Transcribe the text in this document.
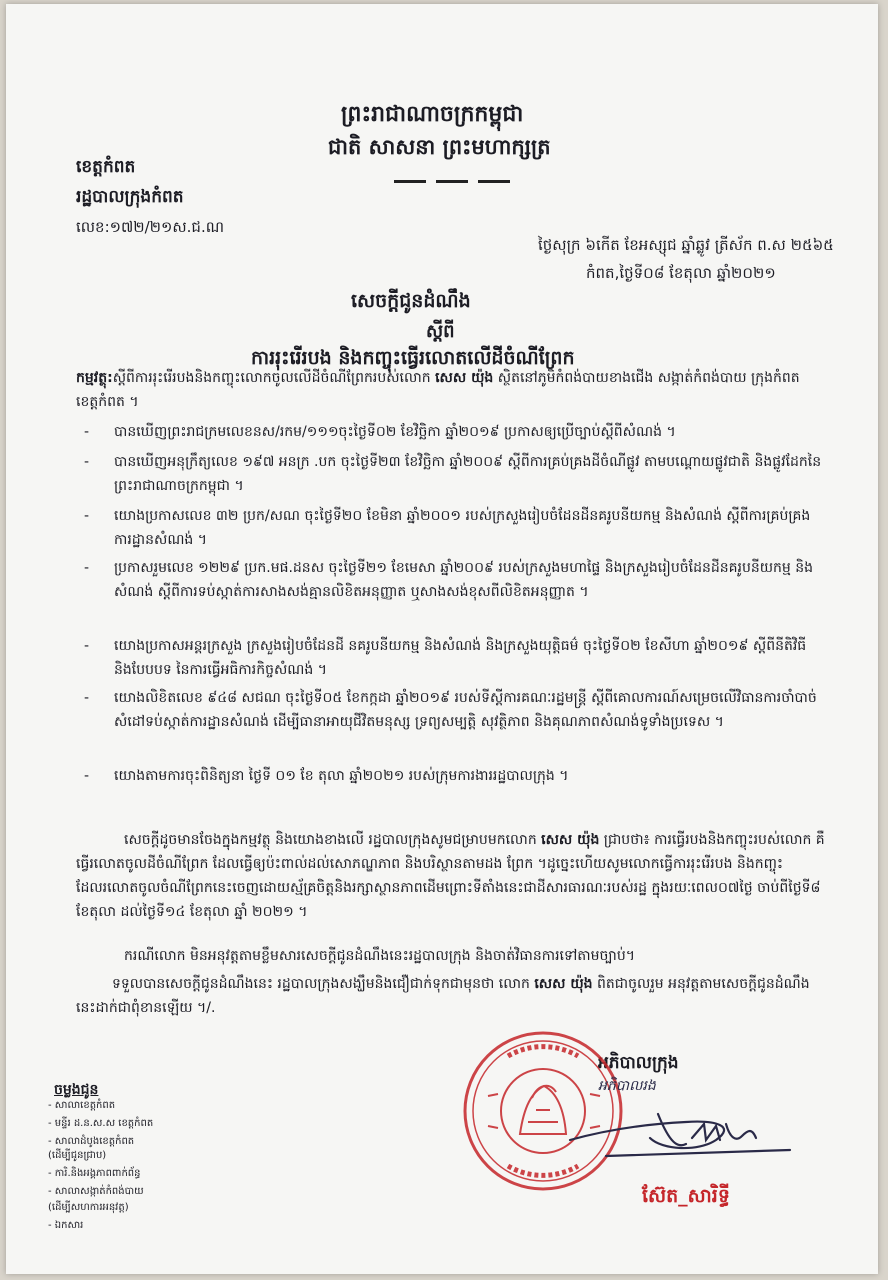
ព្រះរាជាណាចក្រកម្ពុជា
ជាតិ សាសនា ព្រះមហាក្សត្រ
ខេត្តកំពត
រដ្ឋបាលក្រុងកំពត
លេខ:១៧២/២១ស.ជ.ណ
ថ្ងៃសុក្រ ៦កើត ខែអស្សុជ ឆ្នាំឆ្លូវ ត្រីស័ក ព.ស ២៥៦៥
កំពត,ថ្ងៃទី០៨ ខែតុលា ឆ្នាំ២០២១
សេចក្តីជូនដំណឹង
ស្តីពី
ការរុះរើរបង និងកញ្ចុះធ្វើរលោតលើដីចំណីព្រែក
កម្មវត្ថុ:ស្តីពីការរុះរើរបងនិងកញ្ចុះលោកចូលលើដីចំណីព្រែករបស់លោក សេស យ៉ុង ស្ថិតនៅភូមិកំពង់បាយខាងជើង សង្កាត់កំពង់បាយ ក្រុងកំពត ខេត្តកំពត ។
- បានឃើញព្រះរាជក្រមលេខនស/រកម/១១១ចុះថ្ងៃទី០២ ខែវិច្ឆិកា ឆ្នាំ២០១៩ ប្រកាសឲ្យប្រើច្បាប់ស្តីពីសំណង់ ។
- បានឃើញអនុក្រឹត្យលេខ ១៩៧ អនក្រ .បក ចុះថ្ងៃទី២៣ ខែវិច្ឆិកា ឆ្នាំ២០០៩ ស្តីពីការគ្រប់គ្រងដីចំណីផ្លូវ តាមបណ្តោយផ្លូវជាតិ និងផ្លូវដែកនៃព្រះរាជាណាចក្រកម្ពុជា ។
- យោងប្រកាសលេខ ៣២ ប្រក/សណ ចុះថ្ងៃទី២០ ខែមិនា ឆ្នាំ២០០១ របស់ក្រសួងរៀបចំដែនដីនគរូបនីយកម្ម និងសំណង់ ស្តីពីការគ្រប់គ្រងការដ្ឋានសំណង់ ។
- ប្រកាសរួមលេខ ១២២៩ ប្រក.មផ.ដនស ចុះថ្ងៃទី២១ ខែមេសា ឆ្នាំ២០០៩ របស់ក្រសួងមហាផ្ទៃ និងក្រសួងរៀបចំដែនដីនគរូបនីយកម្ម និងសំណង់ ស្តីពីការទប់ស្កាត់ការសាងសង់គ្មានលិខិតអនុញ្ញាត ឬសាងសង់ខុសពីលិខិតអនុញ្ញាត ។
- យោងប្រកាសអន្តរក្រសួង ក្រសួងរៀបចំដែនដី នគរូបនីយកម្ម និងសំណង់ និងក្រសួងយុត្តិធម៌ ចុះថ្ងៃទី០២ ខែសីហា ឆ្នាំ២០១៩ ស្តីពីនីតិវិធី និងបែបបទ នៃការធ្វើអធិការកិច្ចសំណង់ ។
- យោងលិខិតលេខ ៩៤៨ សជណ ចុះថ្ងៃទី០៥ ខែកក្កដា ឆ្នាំ២០១៩ របស់ទីស្តីការគណៈរដ្ឋមន្ត្រី ស្តីពីគោលការណ៍សម្រេចលើវិធានការចាំបាច់សំដៅទប់ស្កាត់ការដ្ឋានសំណង់ ដើម្បីធានាអាយុជីវិតមនុស្ស ទ្រព្យសម្បត្តិ សុវត្ថិភាព និងគុណភាពសំណង់ទូទាំងប្រទេស ។
- យោងតាមការចុះពិនិត្យនា ថ្ងៃទី ០១ ខែ តុលា ឆ្នាំ២០២១ របស់ក្រុមការងាររដ្ឋបាលក្រុង ។
សេចក្តីដូចមានចែងក្នុងកម្មវត្ថុ និងយោងខាងលើ រដ្ឋបាលក្រុងសូមជម្រាបមកលោក សេស យ៉ុង ជ្រាបថា៖ ការធ្វើរបងនិងកញ្ចុះរបស់លោក គឺធ្វើរលោតចូលដីចំណីព្រែក ដែលធ្វើឲ្យប៉ះពាល់ដល់សោភណ្ឌភាព និងបរិស្ថានតាមដង ព្រែក ។ដូច្នេះហើយសូមលោកធ្វើការរុះរើរបង និងកញ្ចុះដែលរលោតចូលចំណីព្រែកនេះចេញដោយស្ម័គ្រចិត្តនិងរក្សាស្ថានភាពដើមព្រោះទីតាំងនេះជាដីសារធារណៈរបស់រដ្ឋ ក្នុងរយៈពេល០៧ថ្ងៃ ចាប់ពីថ្ងៃទី៨ ខែតុលា ដល់ថ្ងៃទី១៤ ខែតុលា ឆ្នាំ ២០២១ ។
ករណីលោក មិនអនុវត្តតាមខ្លឹមសារសេចក្តីជូនដំណឹងនេះរដ្ឋបាលក្រុង និងចាត់វិធានការទៅតាមច្បាប់។
ទទួលបានសេចក្តីជូនដំណឹងនេះ រដ្ឋបាលក្រុងសង្ឃឹមនិងជឿជាក់ទុកជាមុនថា លោក សេស យ៉ុង ពិតជាចូលរួម អនុវត្តតាមសេចក្តីជូនដំណឹងនេះដាក់ជាពុំខានឡើយ ។/.
ចម្លងជូន
- សាលាខេត្តកំពត
- មន្ទីរ ដ.ន.ស.ស ខេត្តកំពត
- សាលាដំបូងខេត្តកំពត
(ដើម្បីជូនជ្រាប)
- ការិ.និងអង្គភាពពាក់ព័ន្ធ
- សាលាសង្កាត់កំពង់បាយ
(ដើម្បីសហការអនុវត្ត)
- ឯកសារ
អភិបាលក្រុង
អភិបាលរង
ស៊ែត_សារិទ្ធី
